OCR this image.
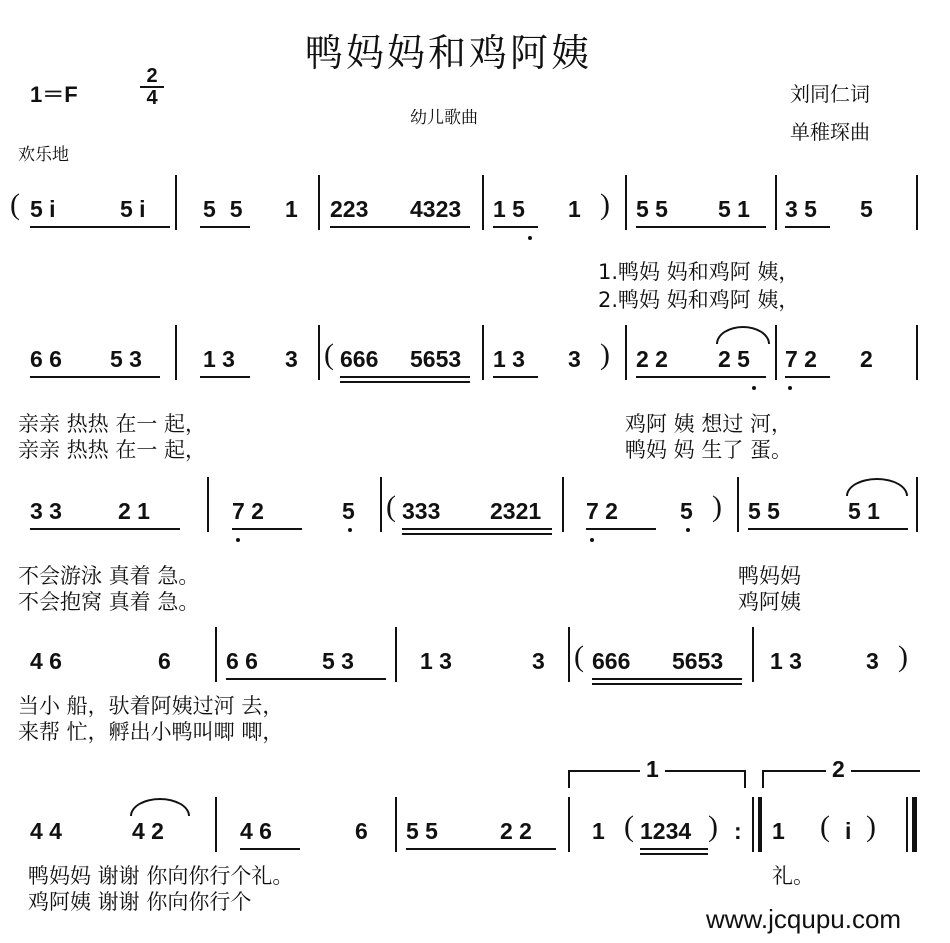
鸭妈妈和鸡阿姨
1＝F
2
4
幼儿歌曲
欢乐地
刘同仁词
单稚琛曲
( 5 i	5 i 55 1 223 4323 1 5 1 ) 5 5 5 1 3 5 5
1.鸭妈 妈和鸡阿 姨，
2.鸭妈 妈和鸡阿 姨，
6 6 5 3	1 3 3 ( 666 5653 1 3 3 ) 2 2 2 5 7 2 2
亲亲 热热 在一 起，	鸡阿 姨 想过 河，
亲亲 热热 在一 起，	鸭妈 妈 生了 蛋。
3 3 2 1	7 2	5 ( 333 2321 7 2	5 ) 5 5	5 1
不会游泳 真着 急。	鸭妈妈
不会抱窝 真着 急。	鸡阿姨
4 6	6 6 6	5 3	1 3	3 ( 666 5653 1 3	3 )
当小 船，驮着阿姨过河 去，
来帮 忙，孵出小鸭叫唧 唧，
1	2
4 4	4 2	4 6	6 5 5	2 2	1 ( 1234 ) : 1 ( i )
鸭妈妈 谢谢 你向你行个礼。	礼。
鸡阿姨 谢谢 你向你行个
www.jcqupu.com
